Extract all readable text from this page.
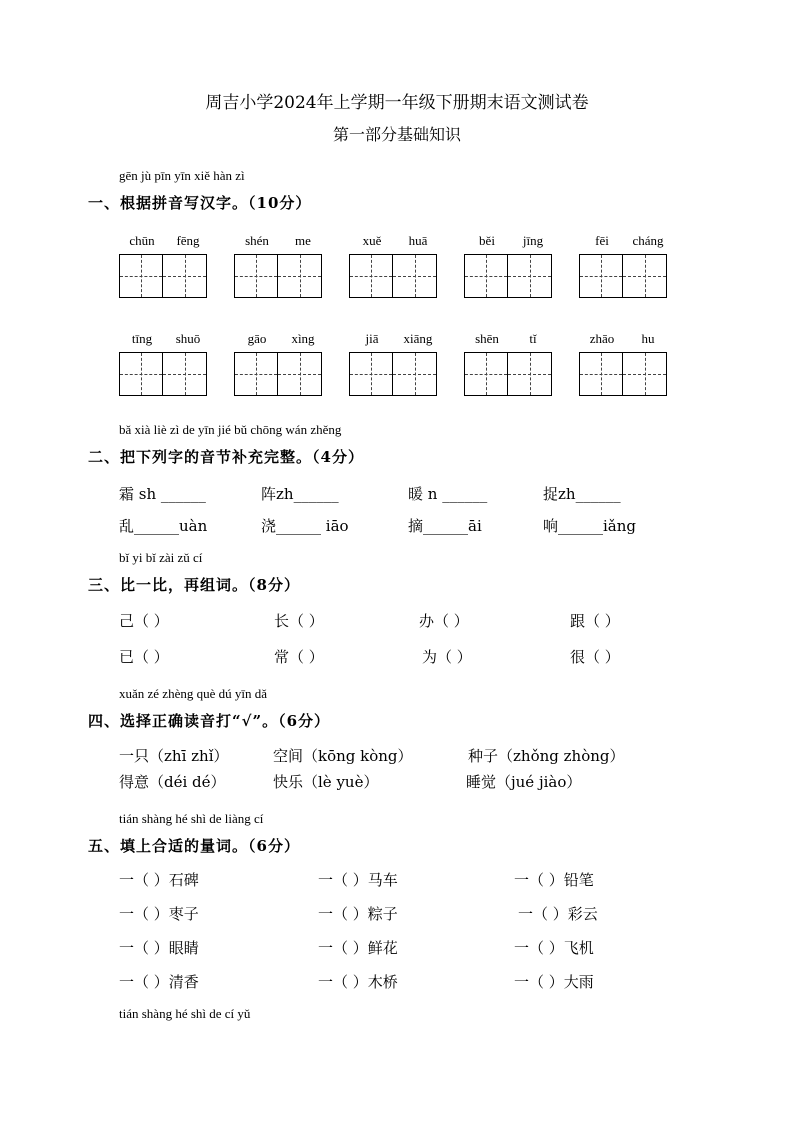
周吉小学2024年上学期一年级下册期末语文测试卷
第一部分基础知识
gēn jù pīn yīn xiě hàn zì
一、根据拼音写汉字。（10分）
chūn	fēng	shén	me	xuě	huā	běi	jīng	fēi	cháng
tīng	shuō	gāo	xìng	jiā	xiāng	shēn	tǐ	zhāo	hu
bǎ xià liè zì de yīn jié bǔ chōng wán zhěng
二、把下列字的音节补充完整。（4分）
霜 sh ______	阵zh______	暖 n ______	捉zh______
乱______uàn	浇______ iāo	摘______āi	响______iǎng
bǐ yi bǐ zài zǔ cí
三、比一比，再组词。（8分）
己（ ）	长（ ）	办（ ）	跟（ ）
已（ ）	常（ ）	为（ ）	很（ ）
xuǎn zé zhèng què dú yīn dǎ
四、选择正确读音打“√”。（6分）
一只（zhī zhǐ）	空间（kōng kòng）	种子（zhǒng zhòng）
得意（déi dé）	快乐（lè yuè）	睡觉（jué jiào）
tián shàng hé shì de liàng cí
五、填上合适的量词。（6分）
一（ ）石碑	一（ ）马车	一（ ）铅笔
一（ ）枣子	一（ ）粽子	一（ ）彩云
一（ ）眼睛	一（ ）鲜花	一（ ）飞机
一（ ）清香	一（ ）木桥	一（ ）大雨
tián shàng hé shì de cí yǔ
